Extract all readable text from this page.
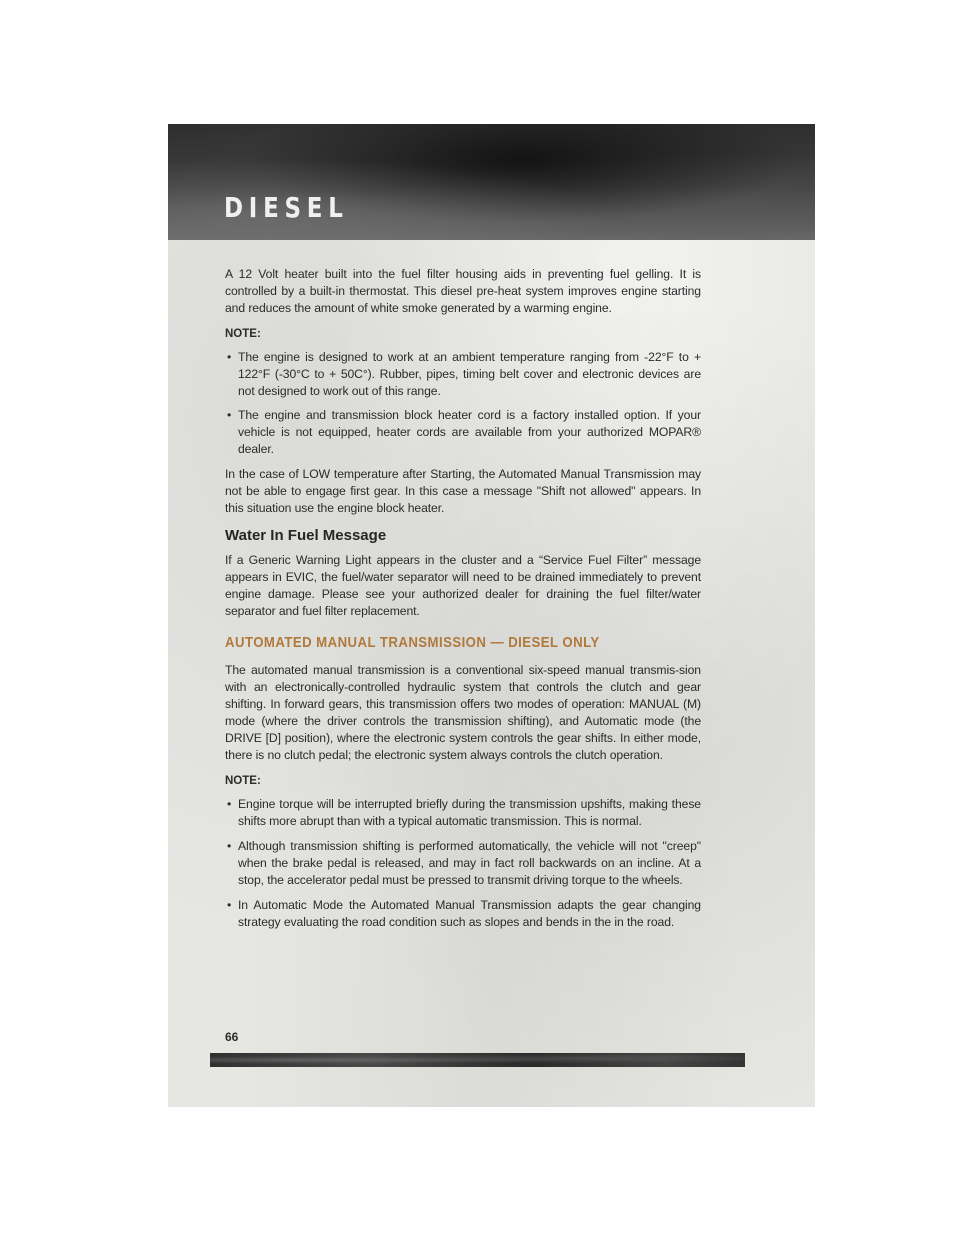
DIESEL

A 12 Volt heater built into the fuel filter housing aids in preventing fuel gelling. It is controlled by a built-in thermostat. This diesel pre-heat system improves engine starting and reduces the amount of white smoke generated by a warming engine.

NOTE:

• The engine is designed to work at an ambient temperature ranging from -22°F to + 122°F (-30°C to + 50C°). Rubber, pipes, timing belt cover and electronic devices are not designed to work out of this range.
• The engine and transmission block heater cord is a factory installed option. If your vehicle is not equipped, heater cords are available from your authorized MOPAR® dealer.

In the case of LOW temperature after Starting, the Automated Manual Transmission may not be able to engage first gear. In this case a message "Shift not allowed" appears. In this situation use the engine block heater.

Water In Fuel Message

If a Generic Warning Light appears in the cluster and a “Service Fuel Filter” message appears in EVIC, the fuel/water separator will need to be drained immediately to prevent engine damage. Please see your authorized dealer for draining the fuel filter/water separator and fuel filter replacement.

AUTOMATED MANUAL TRANSMISSION — DIESEL ONLY

The automated manual transmission is a conventional six-speed manual transmis-sion with an electronically-controlled hydraulic system that controls the clutch and gear shifting. In forward gears, this transmission offers two modes of operation: MANUAL (M) mode (where the driver controls the transmission shifting), and Automatic mode (the DRIVE [D] position), where the electronic system controls the gear shifts. In either mode, there is no clutch pedal; the electronic system always controls the clutch operation.

NOTE:

• Engine torque will be interrupted briefly during the transmission upshifts, making these shifts more abrupt than with a typical automatic transmission. This is normal.
• Although transmission shifting is performed automatically, the vehicle will not "creep" when the brake pedal is released, and may in fact roll backwards on an incline. At a stop, the accelerator pedal must be pressed to transmit driving torque to the wheels.
• In Automatic Mode the Automated Manual Transmission adapts the gear changing strategy evaluating the road condition such as slopes and bends in the in the road.
66
